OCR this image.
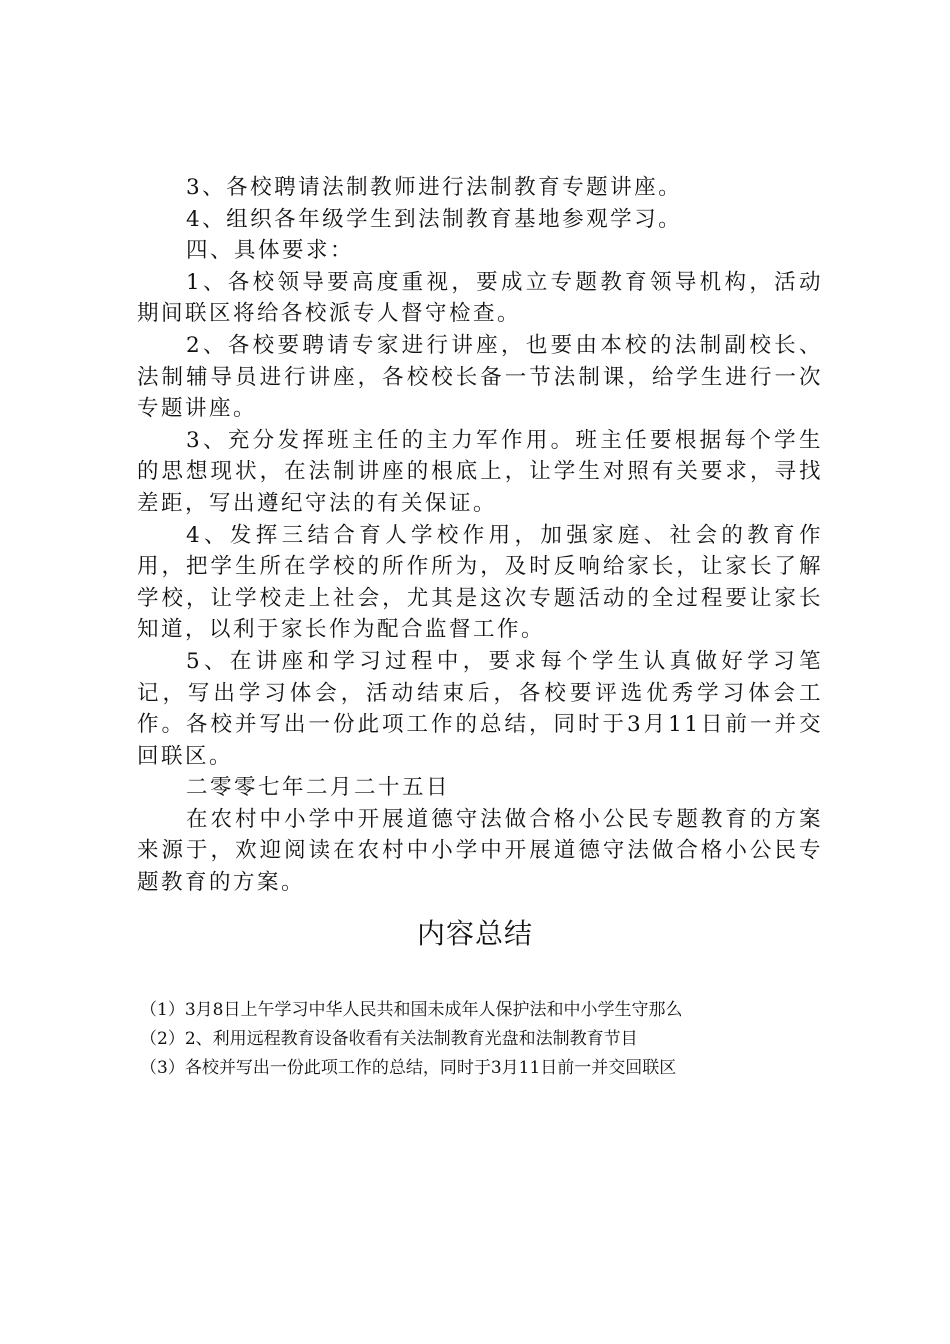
3、各校聘请法制教师进行法制教育专题讲座。

4、组织各年级学生到法制教育基地参观学习。

四、具体要求：

1、各校领导要高度重视，要成立专题教育领导机构，活动期间联区将给各校派专人督守检查。

2、各校要聘请专家进行讲座，也要由本校的法制副校长、法制辅导员进行讲座，各校校长备一节法制课，给学生进行一次专题讲座。

3、充分发挥班主任的主力军作用。班主任要根据每个学生的思想现状，在法制讲座的根底上，让学生对照有关要求，寻找差距，写出遵纪守法的有关保证。

4、发挥三结合育人学校作用，加强家庭、社会的教育作用，把学生所在学校的所作所为，及时反响给家长，让家长了解学校，让学校走上社会，尤其是这次专题活动的全过程要让家长知道，以利于家长作为配合监督工作。

5、在讲座和学习过程中，要求每个学生认真做好学习笔记，写出学习体会，活动结束后，各校要评选优秀学习体会工作。各校并写出一份此项工作的总结，同时于3月11日前一并交回联区。

二零零七年二月二十五日

在农村中小学中开展道德守法做合格小公民专题教育的方案来源于，欢迎阅读在农村中小学中开展道德守法做合格小公民专题教育的方案。

内容总结
（1）3月8日上午学习中华人民共和国未成年人保护法和中小学生守那么
（2）2、利用远程教育设备收看有关法制教育光盘和法制教育节目
（3）各校并写出一份此项工作的总结，同时于3月11日前一并交回联区
